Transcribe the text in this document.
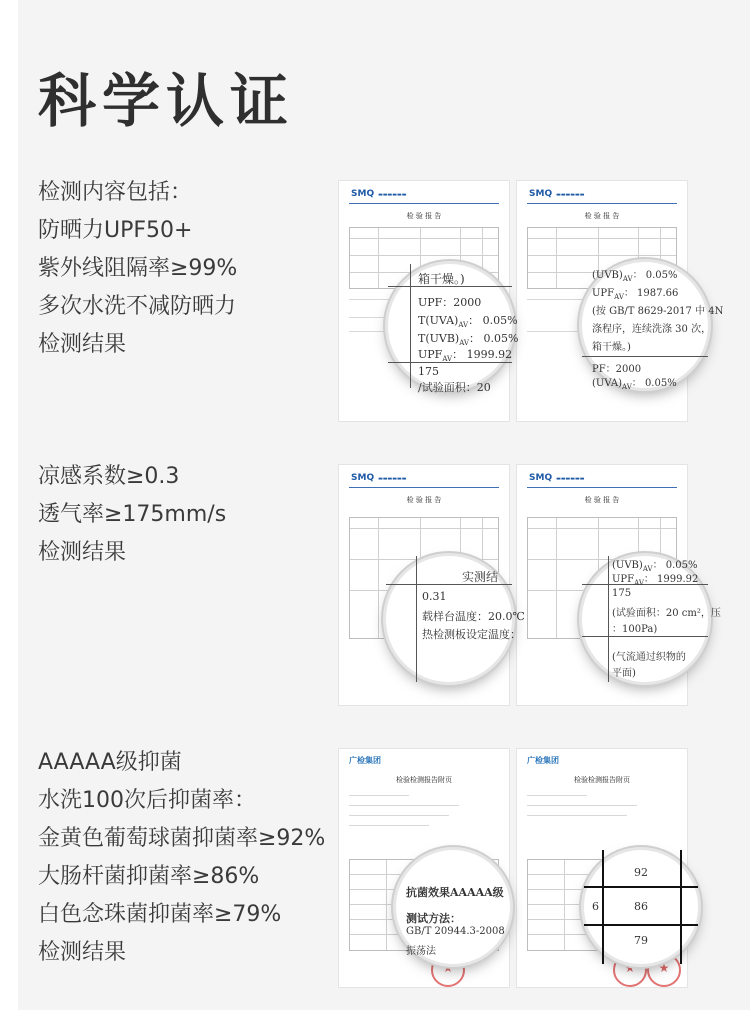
科学认证
检测内容包括：
防晒力UPF50+
紫外线阻隔率≥99%
多次水洗不减防晒力
检测结果
凉感系数≥0.3
透气率≥175mm/s
检测结果
AAAAA级抑菌
水洗100次后抑菌率：
金黄色葡萄球菌抑菌率≥92%
大肠杆菌抑菌率≥86%
白色念珠菌抑菌率≥79%
检测结果
SMQ ▬▬▬▬▬▬
检 验 报 告
SMQ ▬▬▬▬▬▬
检 验 报 告
箱干燥。)
UPF：2000
$T(UVA)_{AV}$： 0.05%
$T(UVB)_{AV}$： 0.05%
$UPF_{AV}$： 1999.92
175
/试验面积：20
$(UVB)_{AV}$： 0.05%
$UPF_{AV}$： 1987.66
(按 GB/T 8629-2017 中 4N
涤程序，连续洗涤 30 次，
箱干燥。)
PF：2000
$(UVA)_{AV}$： 0.05%
SMQ ▬▬▬▬▬▬
检 验 报 告
SMQ ▬▬▬▬▬▬
检 验 报 告
实测结
0.31
载样台温度：20.0℃
热检测板设定温度：
$(UVB)_{AV}$： 0.05%
$UPF_{AV}$： 1999.92
175
(试验面积：20 cm²，压
：100Pa)
(气流通过织物的
平面)
广检集团
检验检测报告附页
★
广检集团
检验检测报告附页
★
★
抗菌效果AAAAA级
测试方法：
GB/T 20944.3-2008
振荡法
92
6	86
79
